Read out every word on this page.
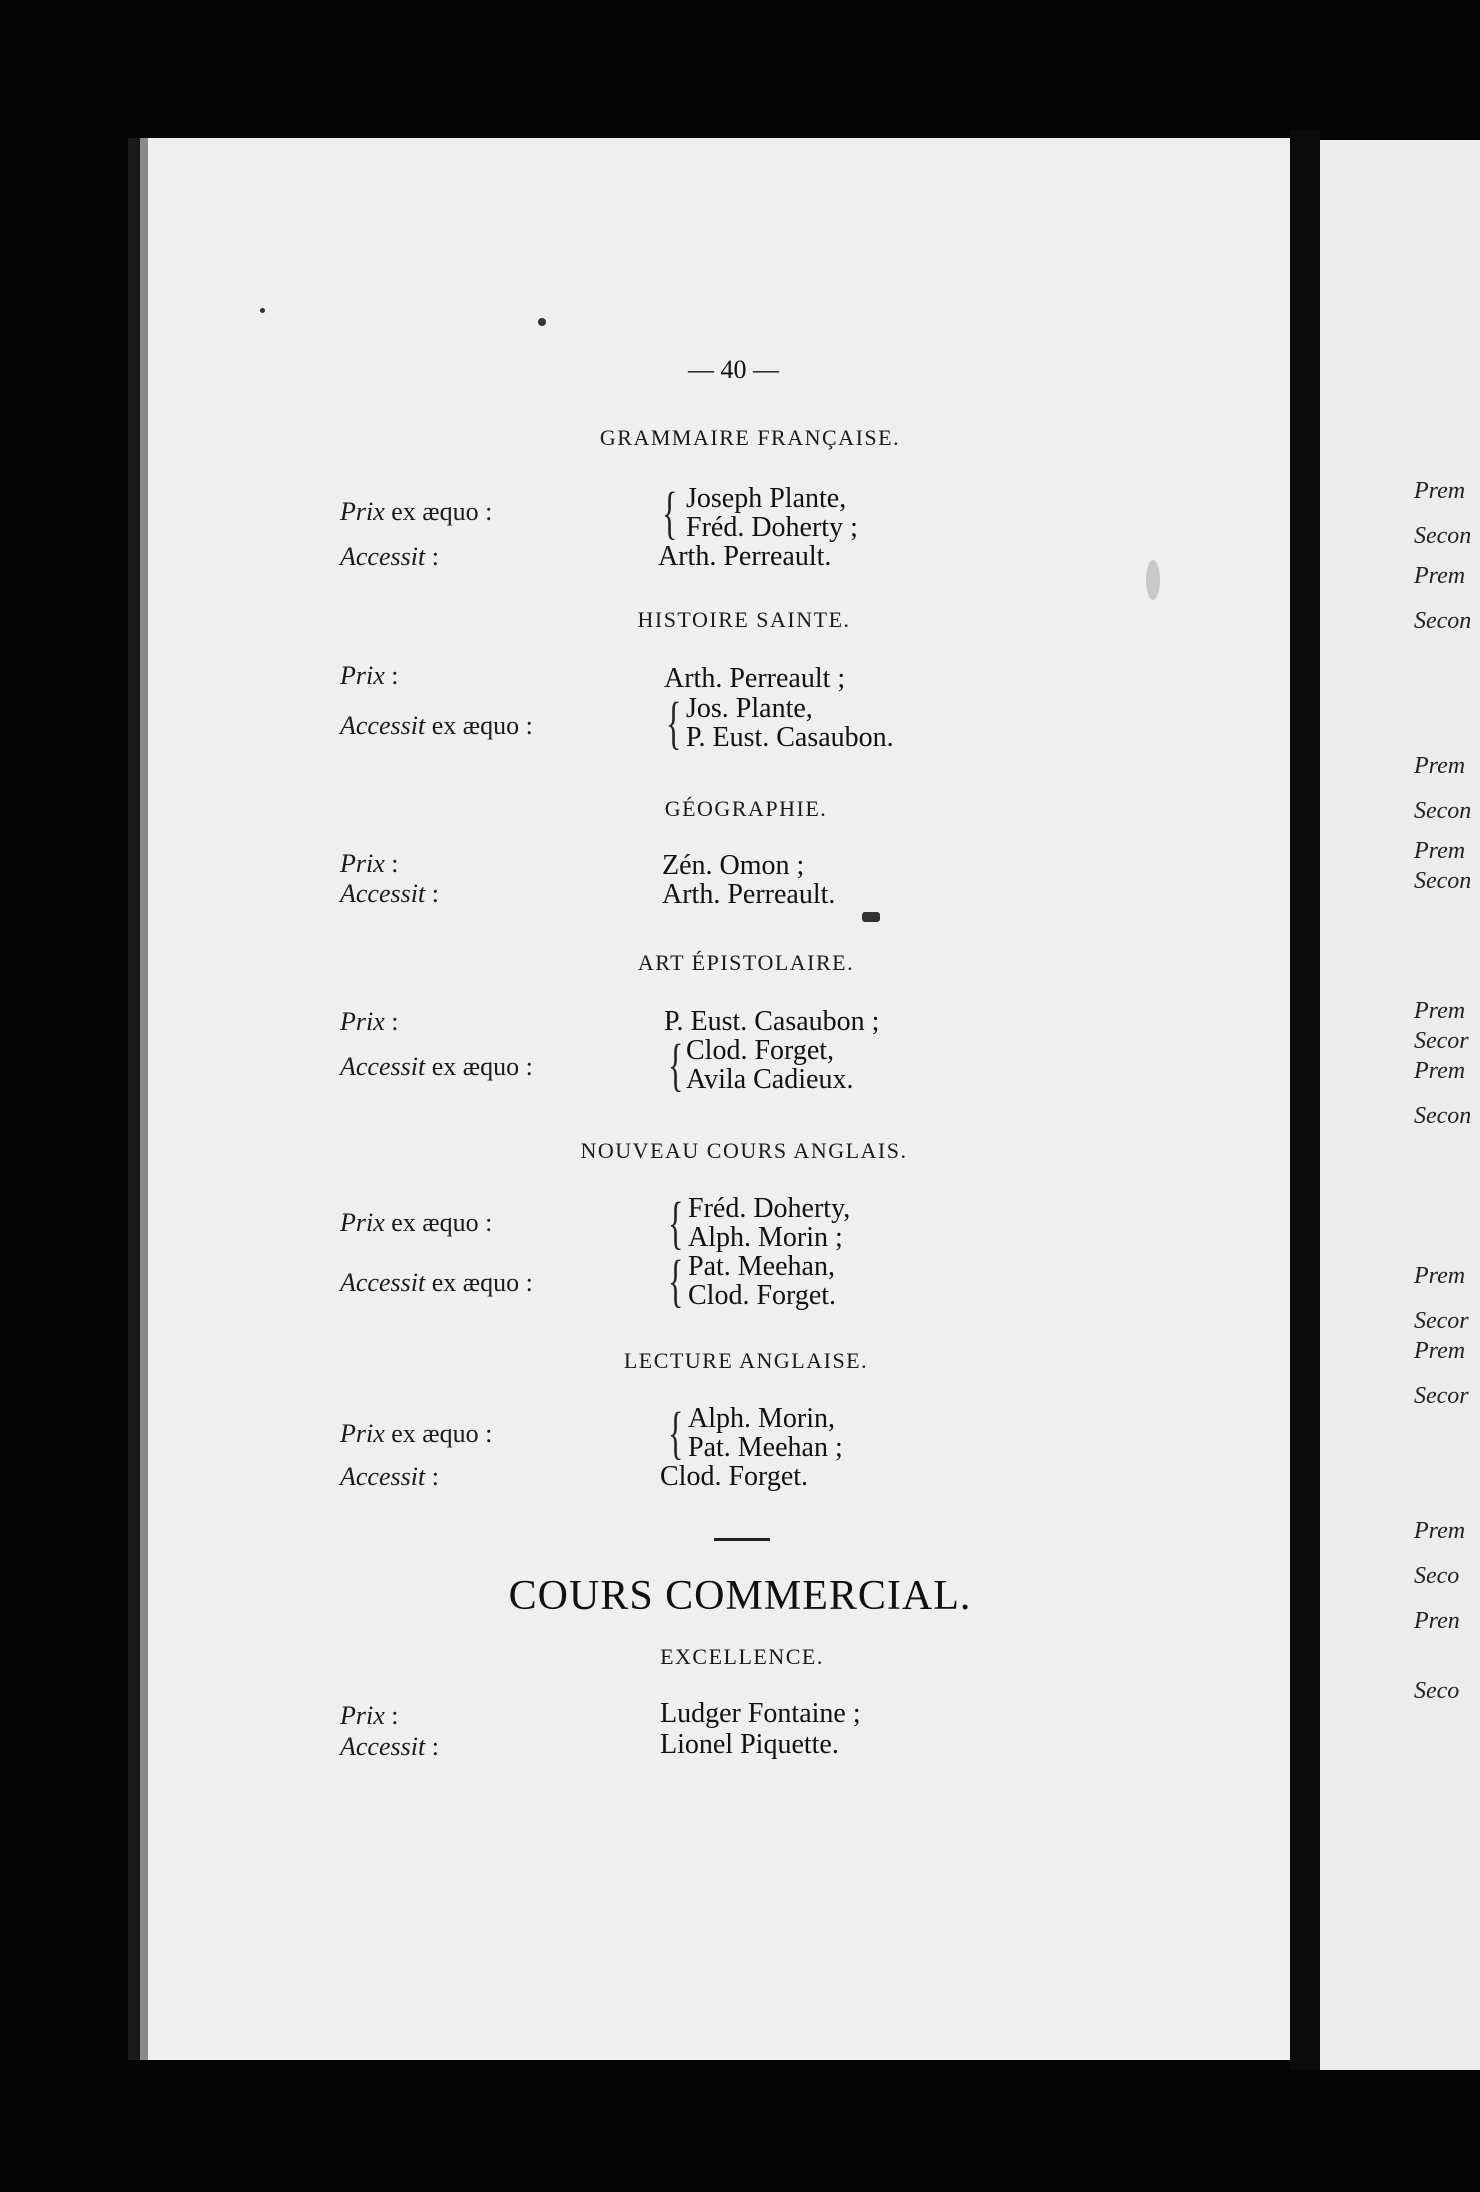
Prem
Secon
Prem
Secon
Prem
Secon
Prem
Secon
Prem
Secor
Prem
Secon
Prem
Secor
Prem
Secor
Prem
Seco
Pren
Seco
— 40 —
GRAMMAIRE FRANÇAISE.
Prix ex æquo :	{ Joseph Plante,
Fréd. Doherty ;
Accessit :	Arth. Perreault.
HISTOIRE SAINTE.
Prix :	Arth. Perreault ;
Accessit ex æquo : { Jos. Plante,
P. Eust. Casaubon.
GÉOGRAPHIE.
Prix :	Zén. Omon ;
Accessit :	Arth. Perreault.
ART ÉPISTOLAIRE.
Prix :	P. Eust. Casaubon ;
Accessit ex æquo : { Clod. Forget,
Avila Cadieux.
NOUVEAU COURS ANGLAIS.
Prix ex æquo :	{ Fréd. Doherty,
Alph. Morin ;
Accessit ex æquo : { Pat. Meehan,
Clod. Forget.
LECTURE ANGLAISE.
Prix ex æquo :	{ Alph. Morin,
Pat. Meehan ;
Accessit :	Clod. Forget.
COURS COMMERCIAL.
EXCELLENCE.
Prix :	Ludger Fontaine ;
Accessit :	Lionel Piquette.
